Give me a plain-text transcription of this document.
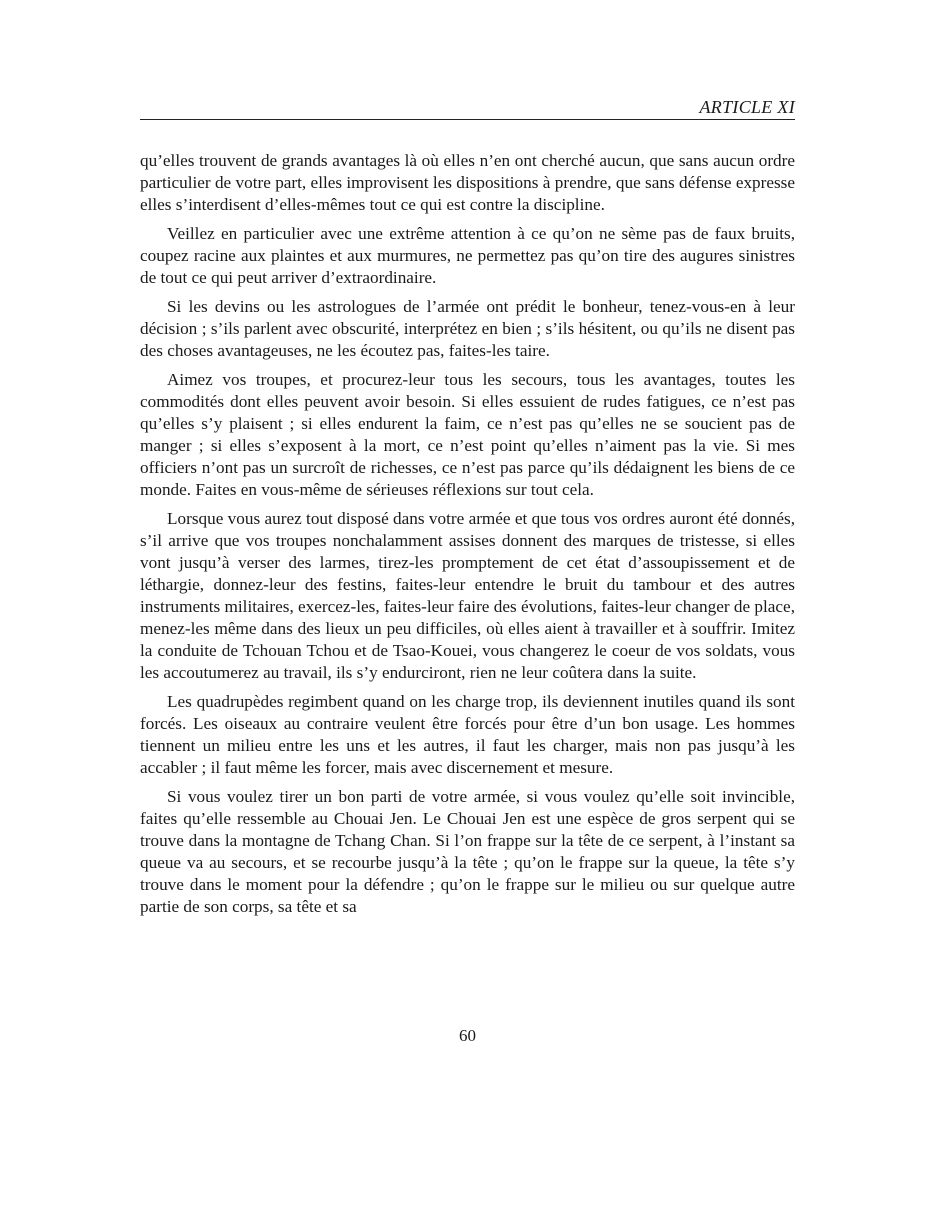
ARTICLE XI

qu’elles trouvent de grands avantages là où elles n’en ont cherché aucun, que sans aucun ordre particulier de votre part, elles improvisent les dispositions à prendre, que sans défense expresse elles s’interdisent d’elles-mêmes tout ce qui est contre la discipline.

Veillez en particulier avec une extrême attention à ce qu’on ne sème pas de faux bruits, coupez racine aux plaintes et aux murmures, ne permettez pas qu’on tire des augures sinistres de tout ce qui peut arriver d’extraordinaire.

Si les devins ou les astrologues de l’armée ont prédit le bonheur, tenez-vous-en à leur décision ; s’ils parlent avec obscurité, interprétez en bien ; s’ils hésitent, ou qu’ils ne disent pas des choses avantageuses, ne les écoutez pas, faites-les taire.

Aimez vos troupes, et procurez-leur tous les secours, tous les avantages, toutes les commodités dont elles peuvent avoir besoin. Si elles essuient de rudes fatigues, ce n’est pas qu’elles s’y plaisent ; si elles endurent la faim, ce n’est pas qu’elles ne se soucient pas de manger ; si elles s’exposent à la mort, ce n’est point qu’elles n’aiment pas la vie. Si mes officiers n’ont pas un surcroît de richesses, ce n’est pas parce qu’ils dédaignent les biens de ce monde. Faites en vous-même de sérieuses réflexions sur tout cela.

Lorsque vous aurez tout disposé dans votre armée et que tous vos ordres auront été donnés, s’il arrive que vos troupes nonchalamment assises donnent des marques de tristesse, si elles vont jusqu’à verser des larmes, tirez-les promptement de cet état d’assoupissement et de léthargie, donnez-leur des festins, faites-leur entendre le bruit du tambour et des autres instruments militaires, exercez-les, faites-leur faire des évolutions, faites-leur changer de place, menez-les même dans des lieux un peu difficiles, où elles aient à travailler et à souffrir. Imitez la conduite de Tchouan Tchou et de Tsao-Kouei, vous changerez le coeur de vos soldats, vous les accoutumerez au travail, ils s’y endurciront, rien ne leur coûtera dans la suite.

Les quadrupèdes regimbent quand on les charge trop, ils deviennent inutiles quand ils sont forcés. Les oiseaux au contraire veulent être forcés pour être d’un bon usage. Les hommes tiennent un milieu entre les uns et les autres, il faut les charger, mais non pas jusqu’à les accabler ; il faut même les forcer, mais avec discernement et mesure.

Si vous voulez tirer un bon parti de votre armée, si vous voulez qu’elle soit invincible, faites qu’elle ressemble au Chouai Jen. Le Chouai Jen est une espèce de gros serpent qui se trouve dans la montagne de Tchang Chan. Si l’on frappe sur la tête de ce serpent, à l’instant sa queue va au secours, et se recourbe jusqu’à la tête ; qu’on le frappe sur la queue, la tête s’y trouve dans le moment pour la défendre ; qu’on le frappe sur le milieu ou sur quelque autre partie de son corps, sa tête et sa

60
